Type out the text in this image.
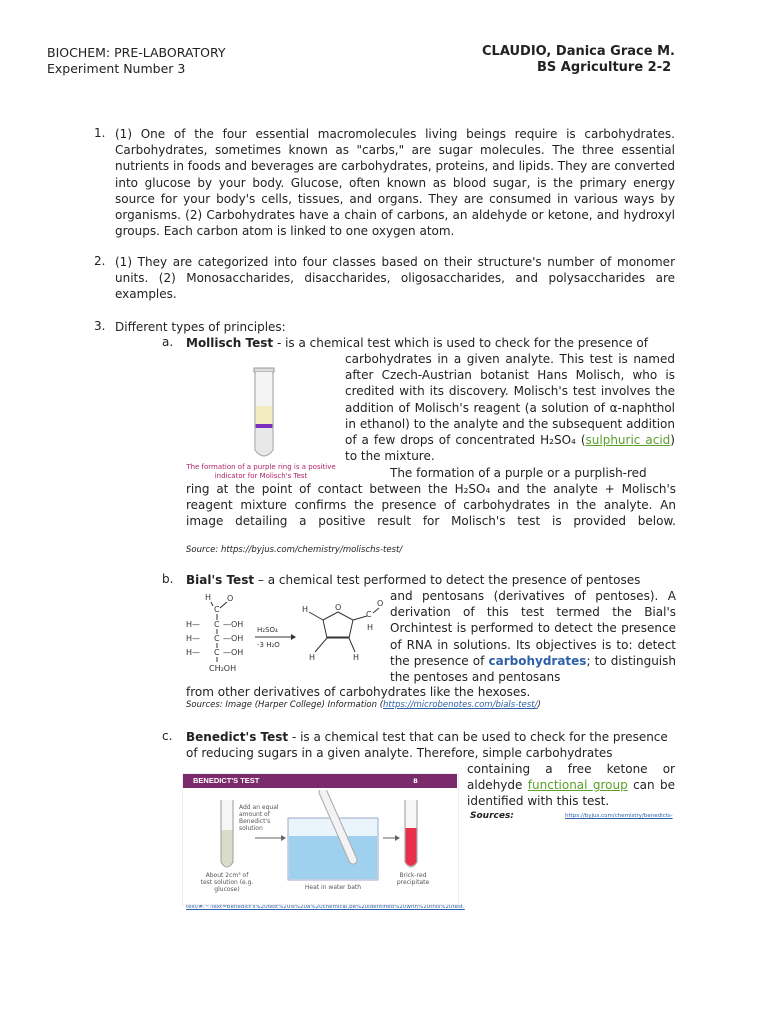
BIOCHEM: PRE-LABORATORY
Experiment Number 3
CLAUDIO, Danica Grace M.
BS Agriculture 2-2
1. (1) One of the four essential macromolecules living beings require is carbohydrates. Carbohydrates, sometimes known as "carbs," are sugar molecules. The three essential nutrients in foods and beverages are carbohydrates, proteins, and lipids. They are converted into glucose by your body. Glucose, often known as blood sugar, is the primary energy source for your body's cells, tissues, and organs. They are consumed in various ways by organisms. (2) Carbohydrates have a chain of carbons, an aldehyde or ketone, and hydroxyl groups. Each carbon atom is linked to one oxygen atom.
2. (1) They are categorized into four classes based on their structure's number of monomer units. (2) Monosaccharides, disaccharides, oligosaccharides, and polysaccharides are examples.
3. Different types of principles:
a. Mollisch Test - is a chemical test which is used to check for the presence of
carbohydrates in a given analyte. This test is named after Czech-Austrian botanist Hans Molisch, who is credited with its discovery. Molisch's test involves the addition of Molisch's reagent (a solution of α-naphthol in ethanol) to the analyte and the subsequent addition of a few drops of concentrated H₂SO₄ (sulphuric acid) to the mixture.
The formation of a purple or a purplish-red
ring at the point of contact between the H₂SO₄ and the analyte + Molisch's reagent mixture confirms the presence of carbohydrates in the analyte. An image detailing a positive result for Molisch's test is provided below.
Source: https://byjus.com/chemistry/molischs-test/
The formation of a purple ring is a positive indicator for Molisch's Test
b. Bial's Test – a chemical test performed to detect the presence of pentoses
and pentosans (derivatives of pentoses). A derivation of this test termed the Bial's Orchintest is performed to detect the presence of RNA in solutions. Its objectives is to: detect the presence of carbohydrates; to distinguish the pentoses and pentosans
from other derivatives of carbohydrates like the hexoses.
Sources: Image (Harper College) Information (https://microbenotes.com/bials-test/)
H
C
O
H— C —OH
H— C —OH
H— C —OH
CH₂OH
H₂SO₄
-3 H₂O
O
H
H	H
C
O
H
c. Benedict's Test - is a chemical test that can be used to check for the presence
of reducing sugars in a given analyte. Therefore, simple carbohydrates
containing a free ketone or aldehyde functional group can be identified with this test.
Sources:	https://byjus.com/chemistry/benedicts-
test/#:~:text=Benedict's%20test%20is%20a%20chemical,be%20identified%20with%20this%20test.
BENEDICT'S TEST	B BYJU'S
Add an equal amount of Benedict's solution
About 2cm³ of test solution (e.g. glucose)	Heat in water bath
Brick-red precipitate
